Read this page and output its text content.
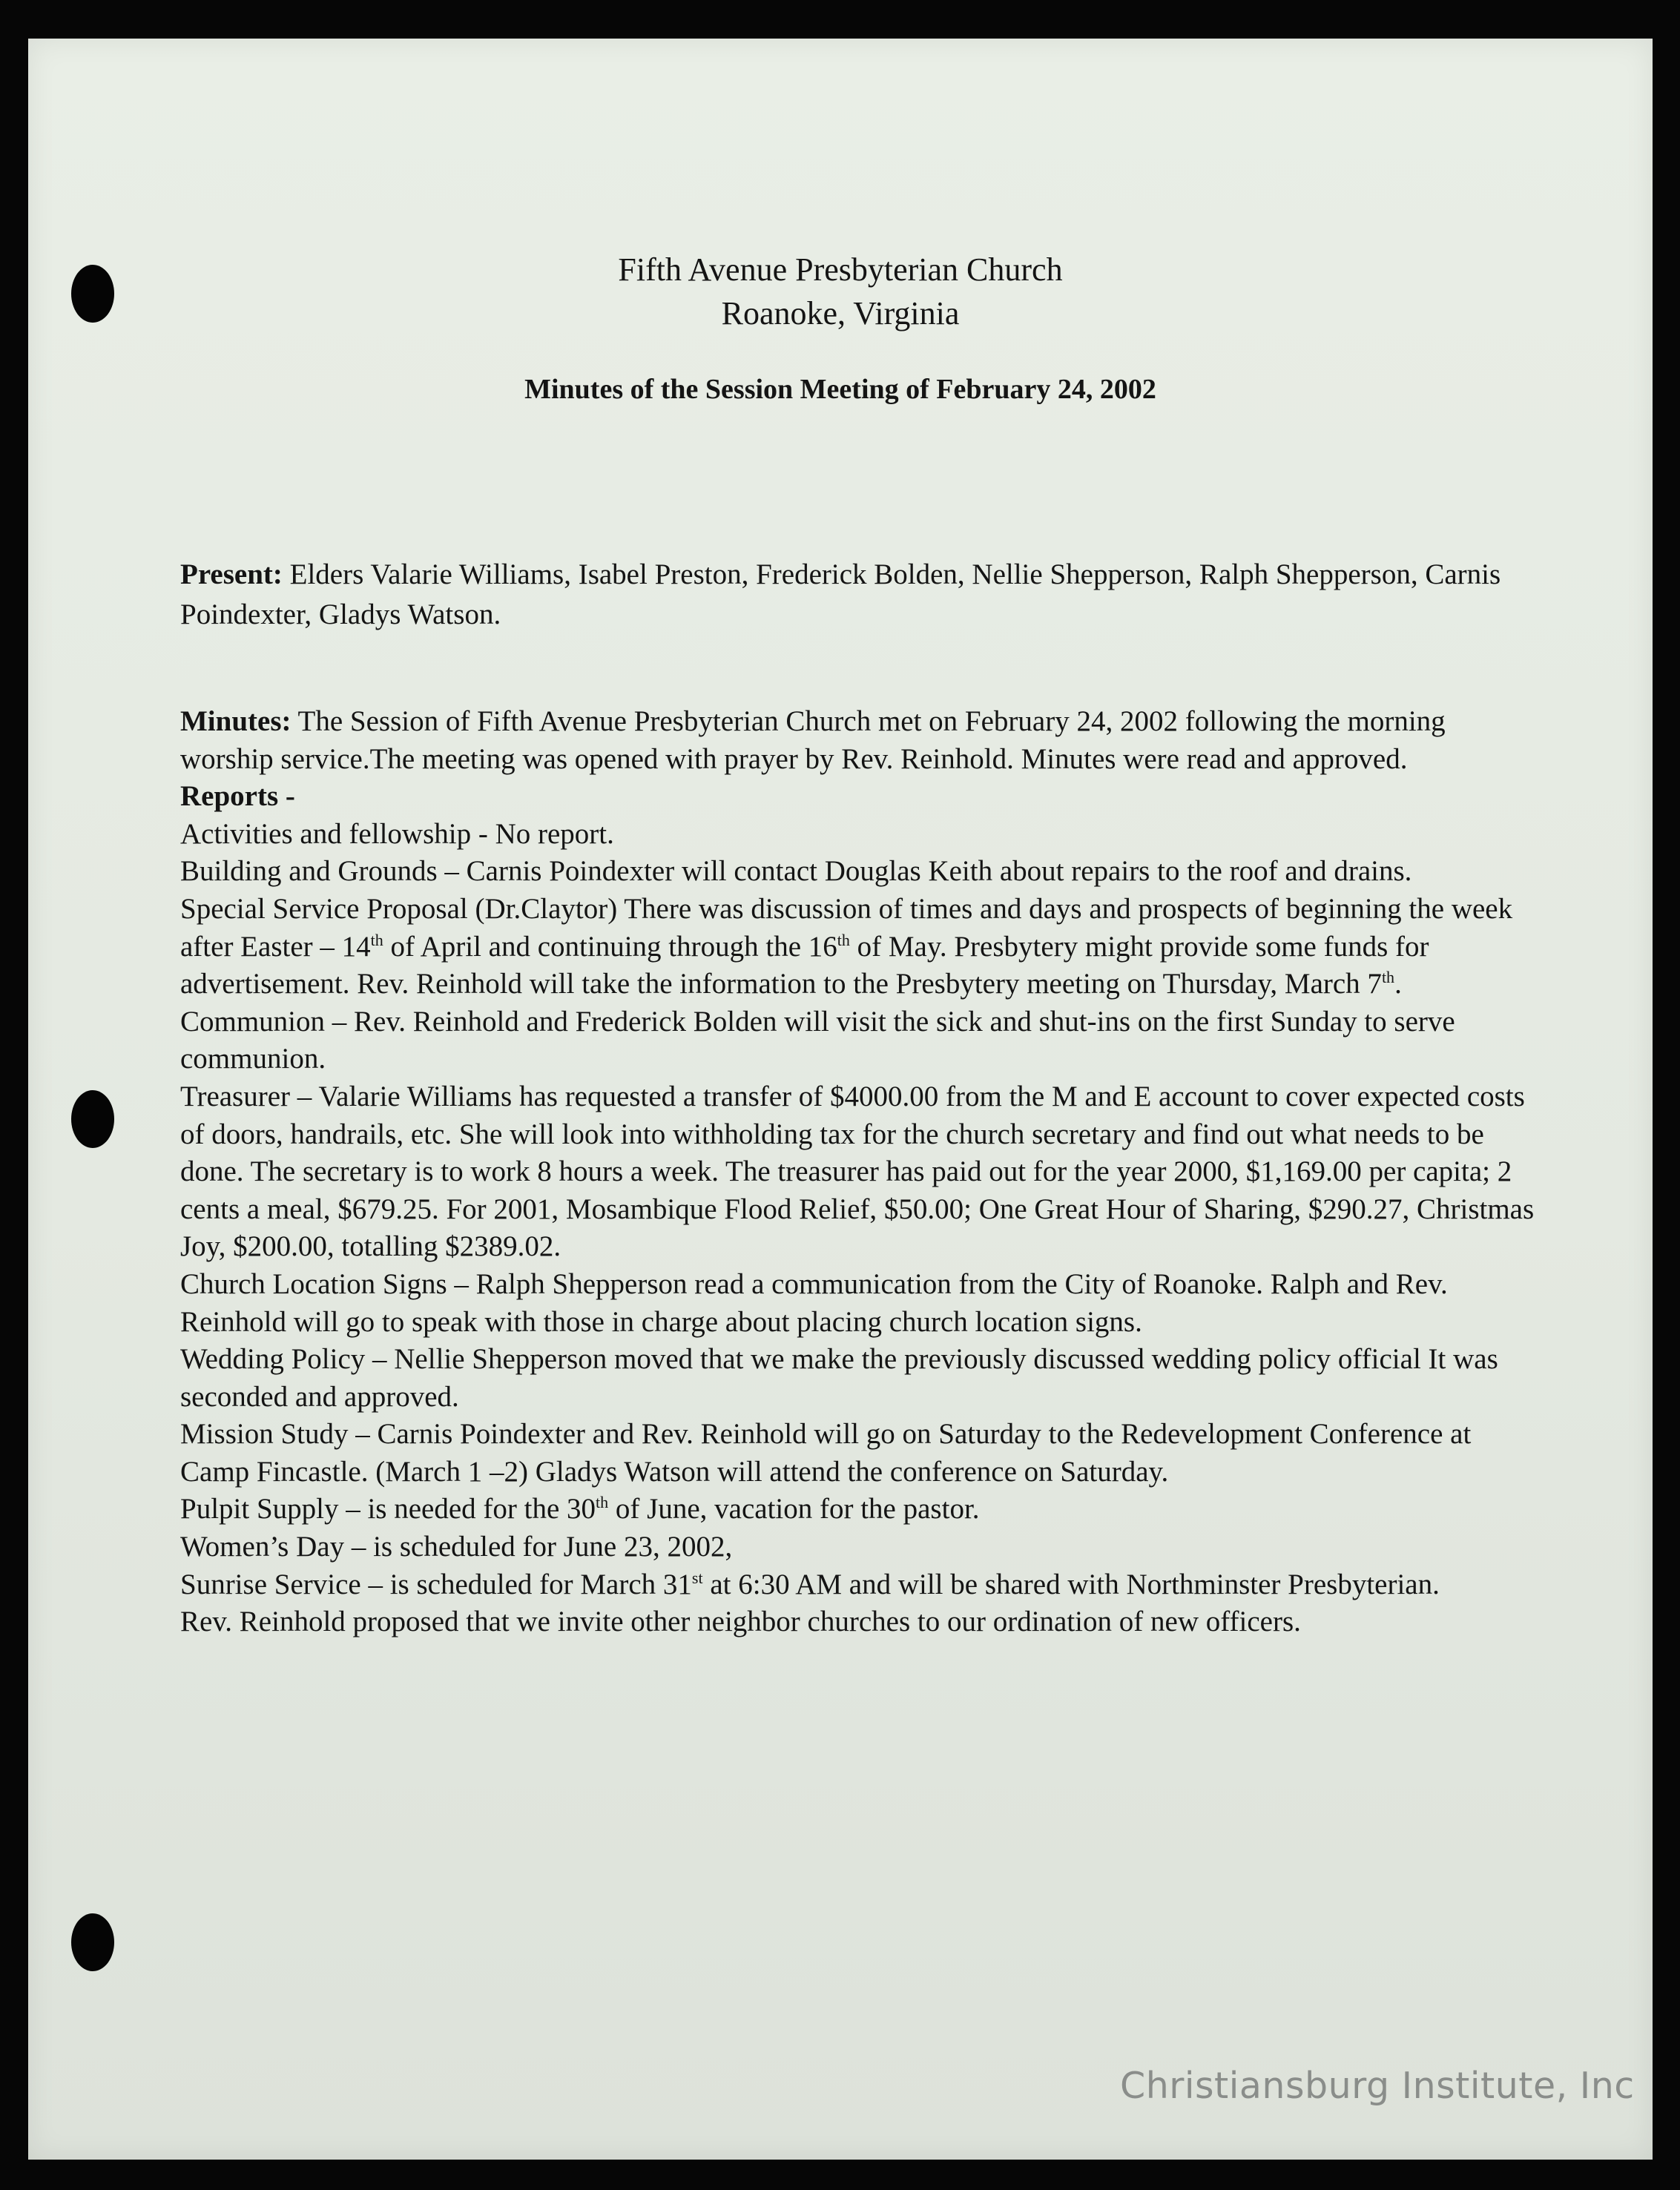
Fifth Avenue Presbyterian Church
Roanoke, Virginia
Minutes of the Session Meeting of February 24, 2002

Present: Elders Valarie Williams, Isabel Preston, Frederick Bolden, Nellie Shepperson, Ralph Shepperson, Carnis Poindexter, Gladys Watson.

Minutes: The Session of Fifth Avenue Presbyterian Church met on February 24, 2002 following the morning worship service.The meeting was opened with prayer by Rev. Reinhold. Minutes were read and approved.

Reports -

Activities and fellowship - No report.

Building and Grounds – Carnis Poindexter will contact Douglas Keith about repairs to the roof and drains.

Special Service Proposal (Dr.Claytor) There was discussion of times and days and prospects of beginning the week after Easter – 14th of April and continuing through the 16th of May. Presbytery might provide some funds for advertisement. Rev. Reinhold will take the information to the Presbytery meeting on Thursday, March 7th.

Communion – Rev. Reinhold and Frederick Bolden will visit the sick and shut-ins on the first Sunday to serve communion.

Treasurer – Valarie Williams has requested a transfer of $4000.00 from the M and E account to cover expected costs of doors, handrails, etc. She will look into withholding tax for the church secretary and find out what needs to be done. The secretary is to work 8 hours a week. The treasurer has paid out for the year 2000, $1,169.00 per capita; 2 cents a meal, $679.25. For 2001, Mosambique Flood Relief, $50.00; One Great Hour of Sharing, $290.27, Christmas Joy, $200.00, totalling $2389.02.

Church Location Signs – Ralph Shepperson read a communication from the City of Roanoke. Ralph and Rev. Reinhold will go to speak with those in charge about placing church location signs.

Wedding Policy – Nellie Shepperson moved that we make the previously discussed wedding policy official It was seconded and approved.

Mission Study – Carnis Poindexter and Rev. Reinhold will go on Saturday to the Redevelopment Conference at Camp Fincastle. (March 1 –2) Gladys Watson will attend the conference on Saturday.

Pulpit Supply – is needed for the 30th of June, vacation for the pastor.

Women’s Day – is scheduled for June 23, 2002,

Sunrise Service – is scheduled for March 31st at 6:30 AM and will be shared with Northminster Presbyterian.

Rev. Reinhold proposed that we invite other neighbor churches to our ordination of new officers.

Christiansburg Institute, Inc
